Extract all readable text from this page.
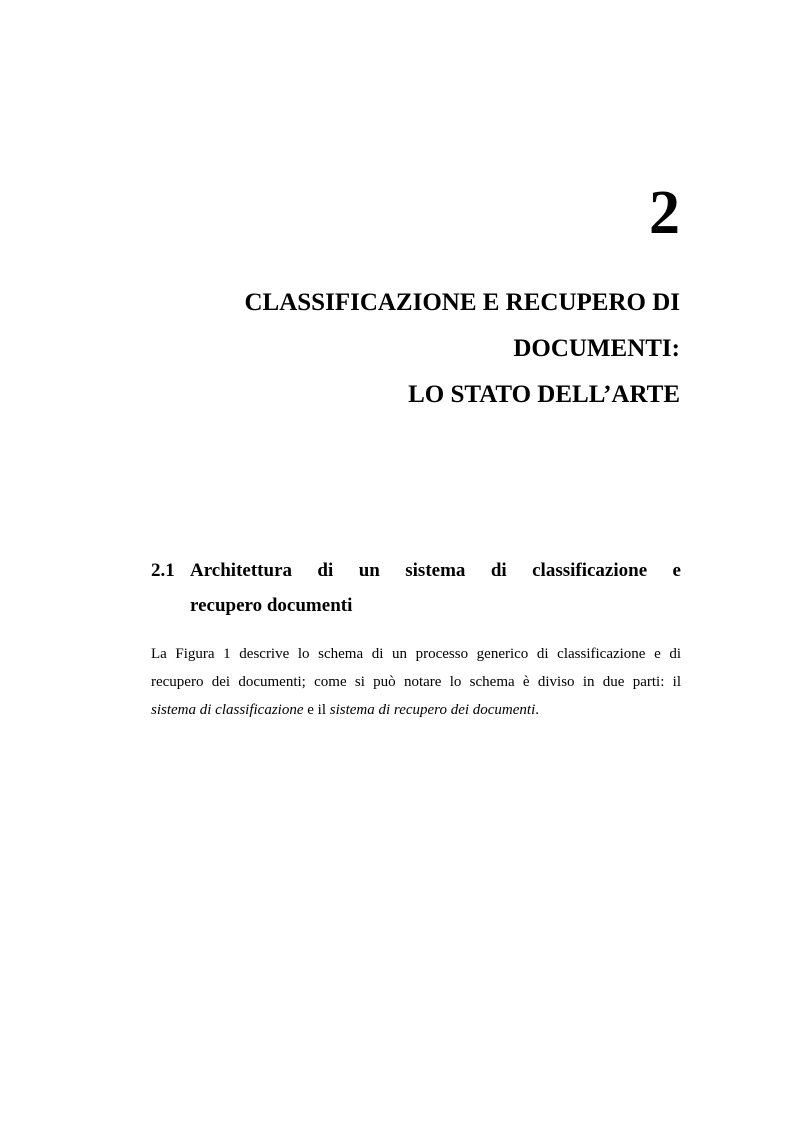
2
CLASSIFICAZIONE E RECUPERO DI
DOCUMENTI:
LO STATO DELL’ARTE
2.1 Architettura di un sistema di classificazione e
recupero documenti

La Figura 1 descrive lo schema di un processo generico di classificazione e di
recupero dei documenti; come si può notare lo schema è diviso in due parti: il
sistema di classificazione e il sistema di recupero dei documenti.
